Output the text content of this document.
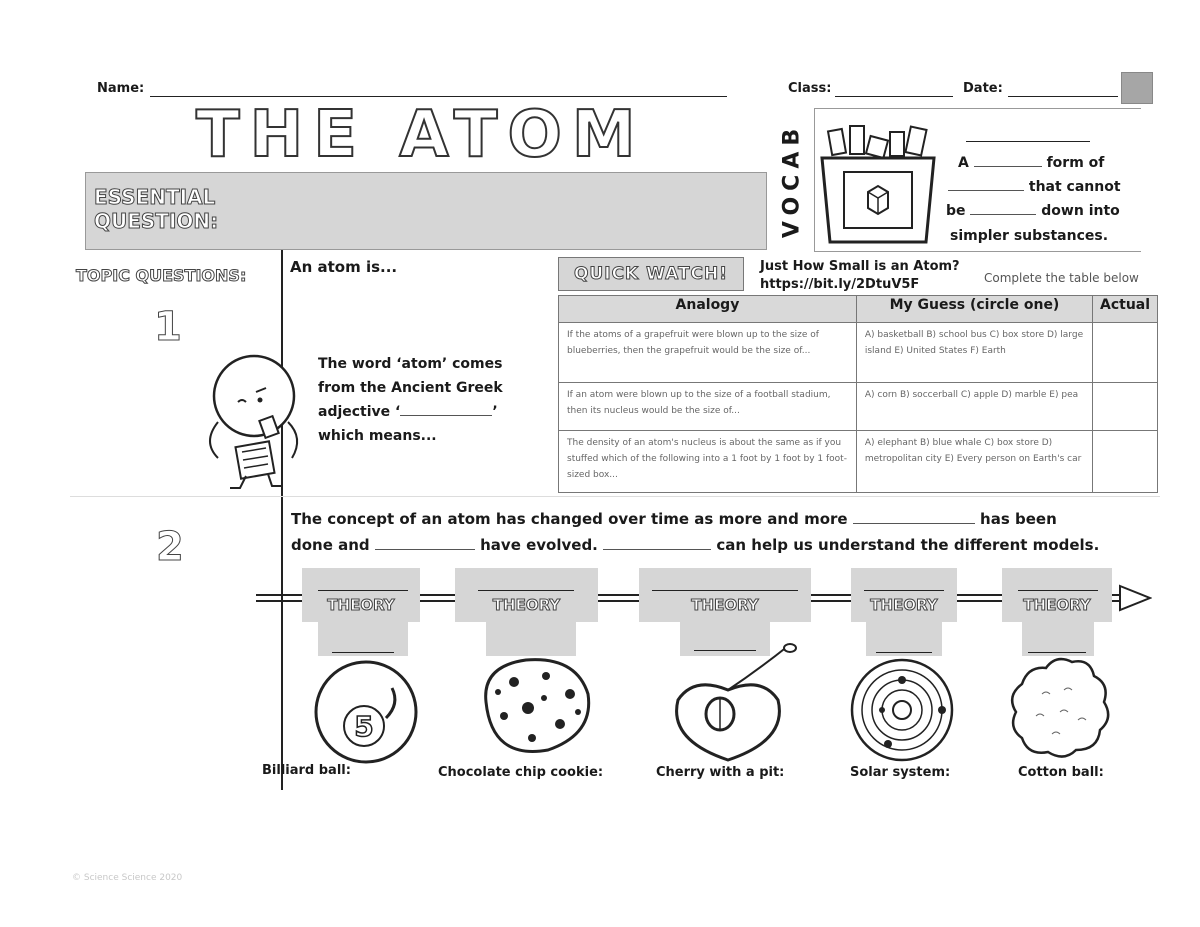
Name:	Class:	Date:
THE ATOM
ESSENTIAL
QUESTION:	VOCAB	A	form of
that cannot
be	down into
simpler substances.
TOPIC QUESTIONS:
1
An atom is...
The word ‘atom’ comes
from the Ancient Greek
adjective ‘	’
which means...
QUICK WATCH!	Just How Small is an Atom?
https://bit.ly/2DtuV5F	Complete the table below
Analogy	My Guess (circle one)	Actual
If the atoms of a grapefruit were blown up to the size of blueberries, then the grapefruit would be the size of...	A) basketball B) school bus C) box store D) large island E) United States F) Earth	
If an atom were blown up to the size of a football stadium, then its nucleus would be the size of...	A) corn B) soccerball C) apple D) marble E) pea	
The density of an atom's nucleus is about the same as if you stuffed which of the following into a 1 foot by 1 foot by 1 foot-sized box...	A) elephant B) blue whale C) box store D) metropolitan city E) Every person on Earth's car	
2
The concept of an atom has changed over time as more and more	has been
done and	have evolved.	can help us understand the different models.
THEORY	THEORY	THEORY	THEORY	THEORY
5
Billiard ball:	Chocolate chip cookie:	Cherry with a pit:	Solar system:	Cotton ball:
© Science Science 2020
